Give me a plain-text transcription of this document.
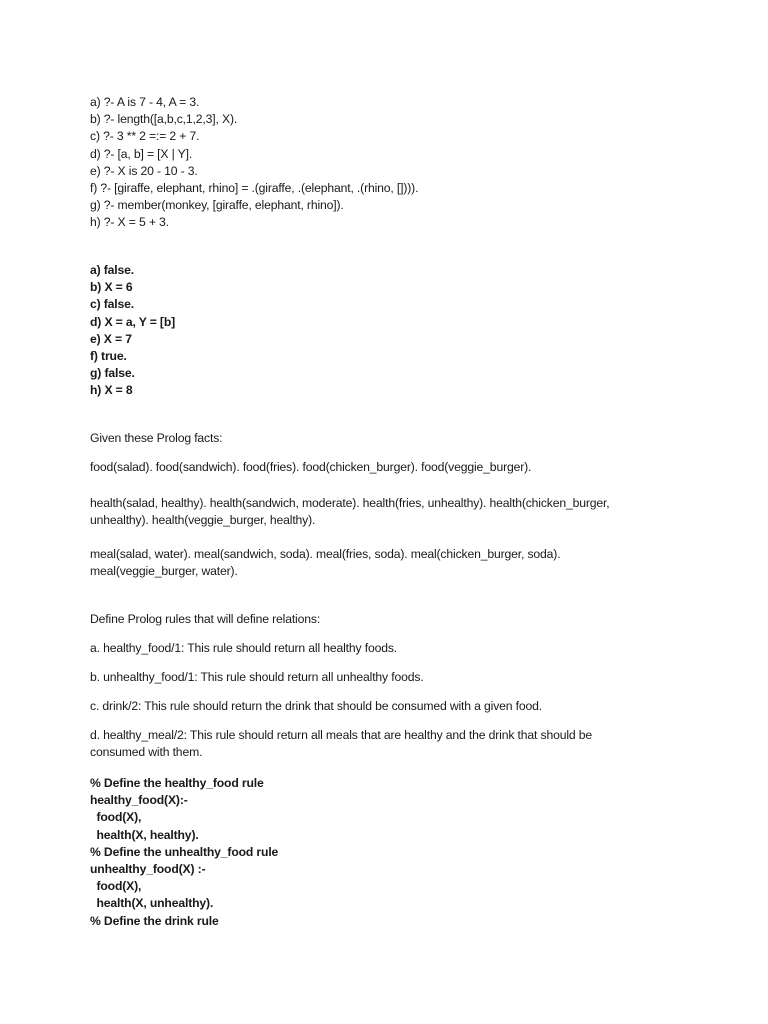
a) ?- A is 7 - 4, A = 3.
b) ?- length([a,b,c,1,2,3], X).
c) ?- 3 ** 2 =:= 2 + 7.
d) ?- [a, b] = [X | Y].
e) ?- X is 20 - 10 - 3.
f) ?- [giraffe, elephant, rhino] = .(giraffe, .(elephant, .(rhino, []))).
g) ?- member(monkey, [giraffe, elephant, rhino]).
h) ?- X = 5 + 3.
a) false.
b) X = 6
c) false.
d) X = a, Y = [b]
e) X = 7
f) true.
g) false.
h) X = 8
Given these Prolog facts:
food(salad). food(sandwich). food(fries). food(chicken_burger). food(veggie_burger).
health(salad, healthy). health(sandwich, moderate). health(fries, unhealthy). health(chicken_burger,
unhealthy). health(veggie_burger, healthy).
meal(salad, water). meal(sandwich, soda). meal(fries, soda). meal(chicken_burger, soda).
meal(veggie_burger, water).
Define Prolog rules that will define relations:
a. healthy_food/1: This rule should return all healthy foods.
b. unhealthy_food/1: This rule should return all unhealthy foods.
c. drink/2: This rule should return the drink that should be consumed with a given food.
d. healthy_meal/2: This rule should return all meals that are healthy and the drink that should be
consumed with them.
% Define the healthy_food rule
healthy_food(X):-
food(X),
health(X, healthy).
% Define the unhealthy_food rule
unhealthy_food(X) :-
food(X),
health(X, unhealthy).
% Define the drink rule
